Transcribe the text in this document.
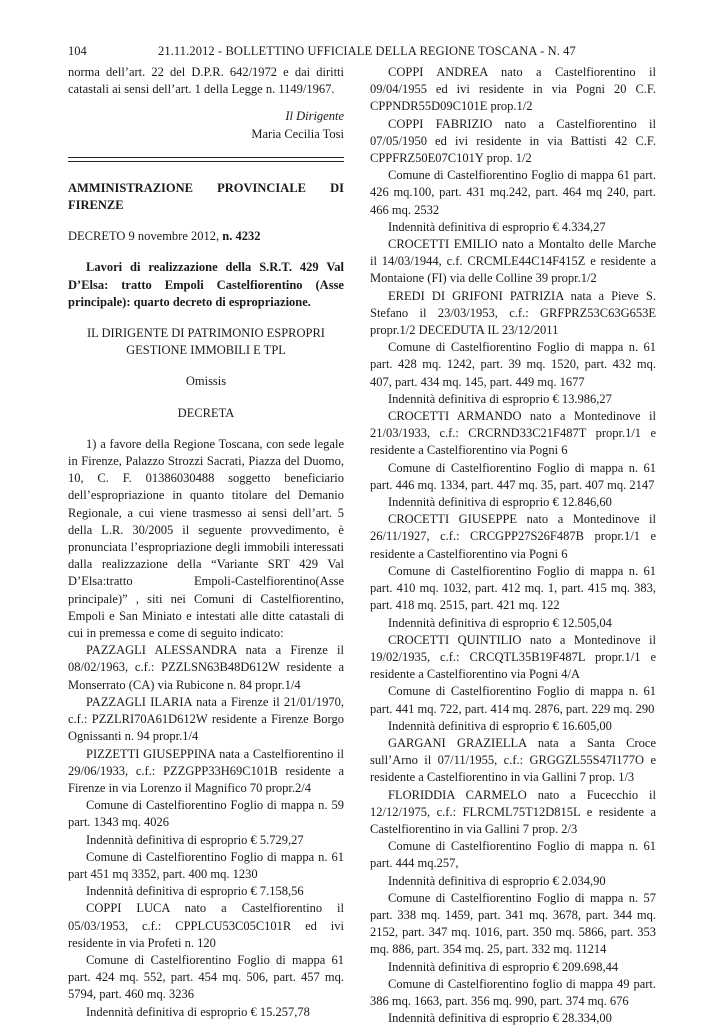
104	21.11.2012 - BOLLETTINO UFFICIALE DELLA REGIONE TOSCANA - N. 47

norma dell’art. 22 del D.P.R. 642/1972 e dai diritti catastali ai sensi dell’art. 1 della Legge n. 1149/1967.

Il Dirigente

Maria Cecilia Tosi

AMMINISTRAZIONE PROVINCIALE DI FIRENZE

DECRETO 9 novembre 2012, n. 4232

Lavori di realizzazione della S.R.T. 429 Val D’Elsa: tratto Empoli Castelfiorentino (Asse principale): quarto decreto di espropriazione.

IL DIRIGENTE DI PATRIMONIO ESPROPRI

GESTIONE IMMOBILI E TPL

Omissis

DECRETA

1) a favore della Regione Toscana, con sede legale in Firenze, Palazzo Strozzi Sacrati, Piazza del Duomo, 10, C. F. 01386030488 soggetto beneficiario dell’espropriazione in quanto titolare del Demanio Regionale, a cui viene trasmesso ai sensi dell’art. 5 della L.R. 30/2005 il seguente provvedimento, è pronunciata l’espropriazione degli immobili interessati dalla realizzazione della “Variante SRT 429 Val D’Elsa:tratto Empoli-Castelfiorentino(Asse principale)” , siti nei Comuni di Castelfiorentino, Empoli e San Miniato e intestati alle ditte catastali di cui in premessa e come di seguito indicato:

PAZZAGLI ALESSANDRA nata a Firenze il 08/02/1963, c.f.: PZZLSN63B48D612W residente a Monserrato (CA) via Rubicone n. 84 propr.1/4

PAZZAGLI ILARIA nata a Firenze il 21/01/1970, c.f.: PZZLRI70A61D612W residente a Firenze Borgo Ognissanti n. 94 propr.1/4

PIZZETTI GIUSEPPINA nata a Castelfiorentino il 29/06/1933, c.f.: PZZGPP33H69C101B residente a Firenze in via Lorenzo il Magnifico 70 propr.2/4

Comune di Castelfiorentino Foglio di mappa n. 59 part. 1343 mq. 4026

Indennità definitiva di esproprio € 5.729,27

Comune di Castelfiorentino Foglio di mappa n. 61 part 451 mq 3352, part. 400 mq. 1230

Indennità definitiva di esproprio € 7.158,56

COPPI LUCA nato a Castelfiorentino il 05/03/1953, c.f.: CPPLCU53C05C101R ed ivi residente in via Profeti n. 120

Comune di Castelfiorentino Foglio di mappa 61 part. 424 mq. 552, part. 454 mq. 506, part. 457 mq. 5794, part. 460 mq. 3236

Indennità definitiva di esproprio € 15.257,78

COPPI ANDREA nato a Castelfiorentino il 09/04/1955 ed ivi residente in via Pogni 20 C.F. CPPNDR55D09C101E prop.1/2

COPPI FABRIZIO nato a Castelfiorentino il 07/05/1950 ed ivi residente in via Battisti 42 C.F. CPPFRZ50E07C101Y prop. 1/2

Comune di Castelfiorentino Foglio di mappa 61 part. 426 mq.100, part. 431 mq.242, part. 464 mq 240, part. 466 mq. 2532

Indennità definitiva di esproprio € 4.334,27

CROCETTI EMILIO nato a Montalto delle Marche il 14/03/1944, c.f. CRCMLE44C14F415Z e residente a Montaione (FI) via delle Colline 39 propr.1/2

EREDI DI GRIFONI PATRIZIA nata a Pieve S. Stefano il 23/03/1953, c.f.: GRFPRZ53C63G653E propr.1/2 DECEDUTA IL 23/12/2011

Comune di Castelfiorentino Foglio di mappa n. 61 part. 428 mq. 1242, part. 39 mq. 1520, part. 432 mq. 407, part. 434 mq. 145, part. 449 mq. 1677

Indennità definitiva di esproprio € 13.986,27

CROCETTI ARMANDO nato a Montedinove il 21/03/1933, c.f.: CRCRND33C21F487T propr.1/1 e residente a Castelfiorentino via Pogni 6

Comune di Castelfiorentino Foglio di mappa n. 61 part. 446 mq. 1334, part. 447 mq. 35, part. 407 mq. 2147

Indennità definitiva di esproprio € 12.846,60

CROCETTI GIUSEPPE nato a Montedinove il 26/11/1927, c.f.: CRCGPP27S26F487B propr.1/1 e residente a Castelfiorentino via Pogni 6

Comune di Castelfiorentino Foglio di mappa n. 61 part. 410 mq. 1032, part. 412 mq. 1, part. 415 mq. 383, part. 418 mq. 2515, part. 421 mq. 122

Indennità definitiva di esproprio € 12.505,04

CROCETTI QUINTILIO nato a Montedinove il 19/02/1935, c.f.: CRCQTL35B19F487L propr.1/1 e residente a Castelfiorentino via Pogni 4/A

Comune di Castelfiorentino Foglio di mappa n. 61 part. 441 mq. 722, part. 414 mq. 2876, part. 229 mq. 290

Indennità definitiva di esproprio € 16.605,00

GARGANI GRAZIELLA nata a Santa Croce sull’Arno il 07/11/1955, c.f.: GRGGZL55S47I177O e residente a Castelfiorentino in via Gallini 7 prop. 1/3

FLORIDDIA CARMELO nato a Fucecchio il 12/12/1975, c.f.: FLRCML75T12D815L e residente a Castelfiorentino in via Gallini 7 prop. 2/3

Comune di Castelfiorentino Foglio di mappa n. 61 part. 444 mq.257,

Indennità definitiva di esproprio € 2.034,90

Comune di Castelfiorentino Foglio di mappa n. 57 part. 338 mq. 1459, part. 341 mq. 3678, part. 344 mq. 2152, part. 347 mq. 1016, part. 350 mq. 5866, part. 353 mq. 886, part. 354 mq. 25, part. 332 mq. 11214

Indennità definitiva di esproprio € 209.698,44

Comune di Castelfiorentino foglio di mappa 49 part. 386 mq. 1663, part. 356 mq. 990, part. 374 mq. 676

Indennità definitiva di esproprio € 28.334,00
